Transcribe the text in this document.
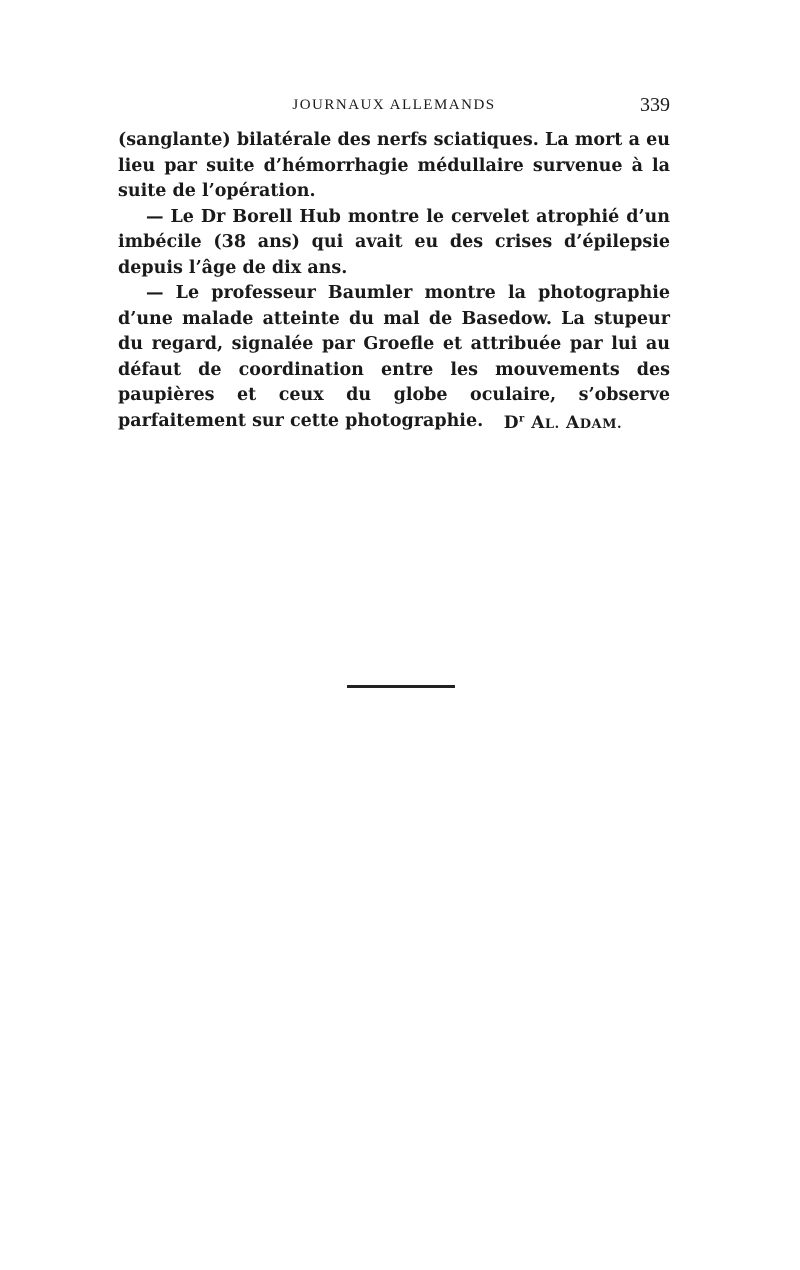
JOURNAUX ALLEMANDS	339

(sanglante) bilatérale des nerfs sciatiques. La mort a eu lieu par suite d’hémorrhagie médullaire survenue à la suite de l’opération.

— Le Dr Borell Hub montre le cervelet atrophié d’un imbécile (38 ans) qui avait eu des crises d’épilepsie depuis l’âge de dix ans.

— Le professeur Baumler montre la photographie d’une malade atteinte du mal de Basedow. La stupeur du regard, signalée par Groefle et attribuée par lui au défaut de coordination entre les mouvements des paupières et ceux du globe oculaire, s’observe parfaitement sur cette photographie.	$D^r$ AL. ADAM.
